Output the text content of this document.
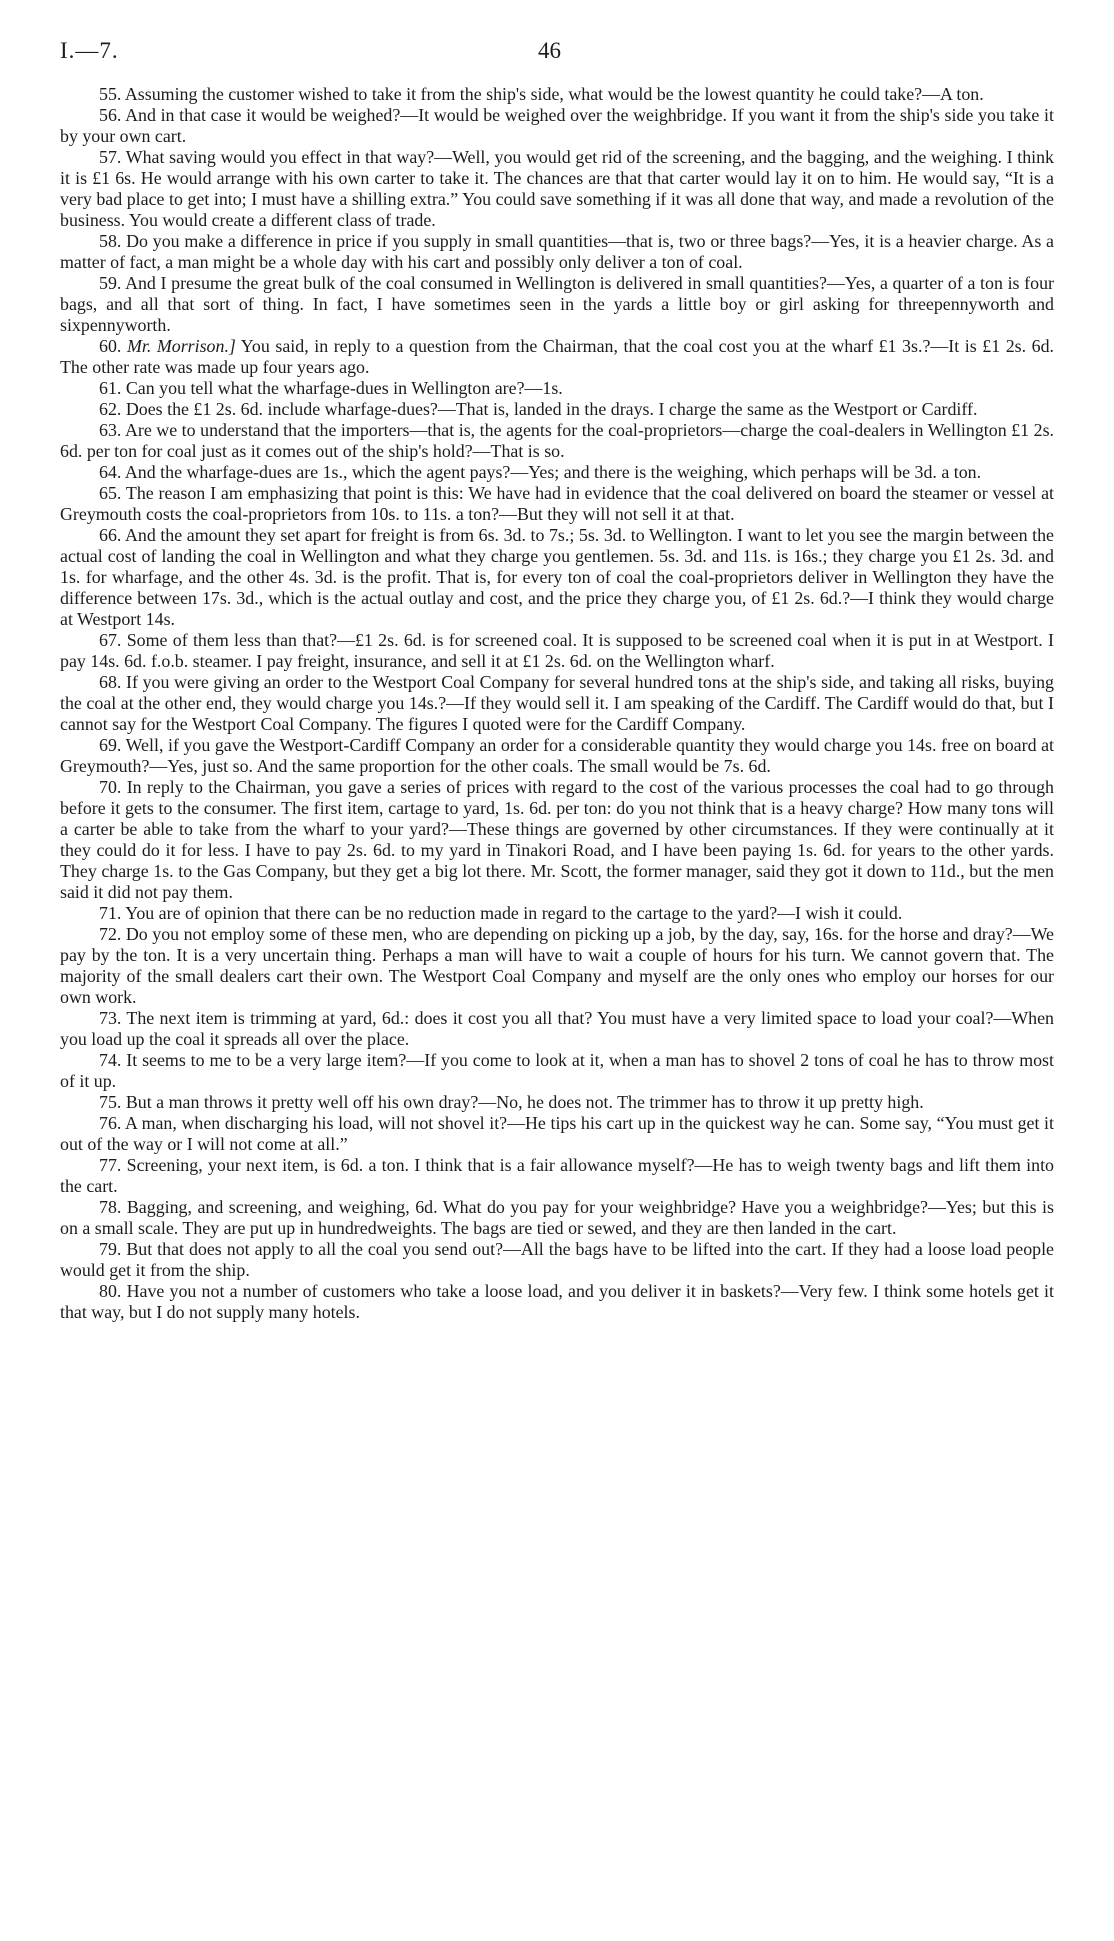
I.—7.	46

55. Assuming the customer wished to take it from the ship's side, what would be the lowest quantity he could take?—A ton.

56. And in that case it would be weighed?—It would be weighed over the weighbridge. If you want it from the ship's side you take it by your own cart.

57. What saving would you effect in that way?—Well, you would get rid of the screening, and the bagging, and the weighing. I think it is £1 6s. He would arrange with his own carter to take it. The chances are that that carter would lay it on to him. He would say, “It is a very bad place to get into; I must have a shilling extra.” You could save something if it was all done that way, and made a revolution of the business. You would create a different class of trade.

58. Do you make a difference in price if you supply in small quantities—that is, two or three bags?—Yes, it is a heavier charge. As a matter of fact, a man might be a whole day with his cart and possibly only deliver a ton of coal.

59. And I presume the great bulk of the coal consumed in Wellington is delivered in small quantities?—Yes, a quarter of a ton is four bags, and all that sort of thing. In fact, I have sometimes seen in the yards a little boy or girl asking for threepennyworth and sixpennyworth.

60. Mr. Morrison.] You said, in reply to a question from the Chairman, that the coal cost you at the wharf £1 3s.?—It is £1 2s. 6d. The other rate was made up four years ago.

61. Can you tell what the wharfage-dues in Wellington are?—1s.

62. Does the £1 2s. 6d. include wharfage-dues?—That is, landed in the drays. I charge the same as the Westport or Cardiff.

63. Are we to understand that the importers—that is, the agents for the coal-proprietors—charge the coal-dealers in Wellington £1 2s. 6d. per ton for coal just as it comes out of the ship's hold?—That is so.

64. And the wharfage-dues are 1s., which the agent pays?—Yes; and there is the weighing, which perhaps will be 3d. a ton.

65. The reason I am emphasizing that point is this: We have had in evidence that the coal delivered on board the steamer or vessel at Greymouth costs the coal-proprietors from 10s. to 11s. a ton?—But they will not sell it at that.

66. And the amount they set apart for freight is from 6s. 3d. to 7s.; 5s. 3d. to Wellington. I want to let you see the margin between the actual cost of landing the coal in Wellington and what they charge you gentlemen. 5s. 3d. and 11s. is 16s.; they charge you £1 2s. 3d. and 1s. for wharfage, and the other 4s. 3d. is the profit. That is, for every ton of coal the coal-proprietors deliver in Wellington they have the difference between 17s. 3d., which is the actual outlay and cost, and the price they charge you, of £1 2s. 6d.?—I think they would charge at Westport 14s.

67. Some of them less than that?—£1 2s. 6d. is for screened coal. It is supposed to be screened coal when it is put in at Westport. I pay 14s. 6d. f.o.b. steamer. I pay freight, insurance, and sell it at £1 2s. 6d. on the Wellington wharf.

68. If you were giving an order to the Westport Coal Company for several hundred tons at the ship's side, and taking all risks, buying the coal at the other end, they would charge you 14s.?—If they would sell it. I am speaking of the Cardiff. The Cardiff would do that, but I cannot say for the Westport Coal Company. The figures I quoted were for the Cardiff Company.

69. Well, if you gave the Westport-Cardiff Company an order for a considerable quantity they would charge you 14s. free on board at Greymouth?—Yes, just so. And the same proportion for the other coals. The small would be 7s. 6d.

70. In reply to the Chairman, you gave a series of prices with regard to the cost of the various processes the coal had to go through before it gets to the consumer. The first item, cartage to yard, 1s. 6d. per ton: do you not think that is a heavy charge? How many tons will a carter be able to take from the wharf to your yard?—These things are governed by other circumstances. If they were continually at it they could do it for less. I have to pay 2s. 6d. to my yard in Tinakori Road, and I have been paying 1s. 6d. for years to the other yards. They charge 1s. to the Gas Company, but they get a big lot there. Mr. Scott, the former manager, said they got it down to 11d., but the men said it did not pay them.

71. You are of opinion that there can be no reduction made in regard to the cartage to the yard?—I wish it could.

72. Do you not employ some of these men, who are depending on picking up a job, by the day, say, 16s. for the horse and dray?—We pay by the ton. It is a very uncertain thing. Perhaps a man will have to wait a couple of hours for his turn. We cannot govern that. The majority of the small dealers cart their own. The Westport Coal Company and myself are the only ones who employ our horses for our own work.

73. The next item is trimming at yard, 6d.: does it cost you all that? You must have a very limited space to load your coal?—When you load up the coal it spreads all over the place.

74. It seems to me to be a very large item?—If you come to look at it, when a man has to shovel 2 tons of coal he has to throw most of it up.

75. But a man throws it pretty well off his own dray?—No, he does not. The trimmer has to throw it up pretty high.

76. A man, when discharging his load, will not shovel it?—He tips his cart up in the quickest way he can. Some say, “You must get it out of the way or I will not come at all.”

77. Screening, your next item, is 6d. a ton. I think that is a fair allowance myself?—He has to weigh twenty bags and lift them into the cart.

78. Bagging, and screening, and weighing, 6d. What do you pay for your weighbridge? Have you a weighbridge?—Yes; but this is on a small scale. They are put up in hundredweights. The bags are tied or sewed, and they are then landed in the cart.

79. But that does not apply to all the coal you send out?—All the bags have to be lifted into the cart. If they had a loose load people would get it from the ship.

80. Have you not a number of customers who take a loose load, and you deliver it in baskets?—Very few. I think some hotels get it that way, but I do not supply many hotels.
